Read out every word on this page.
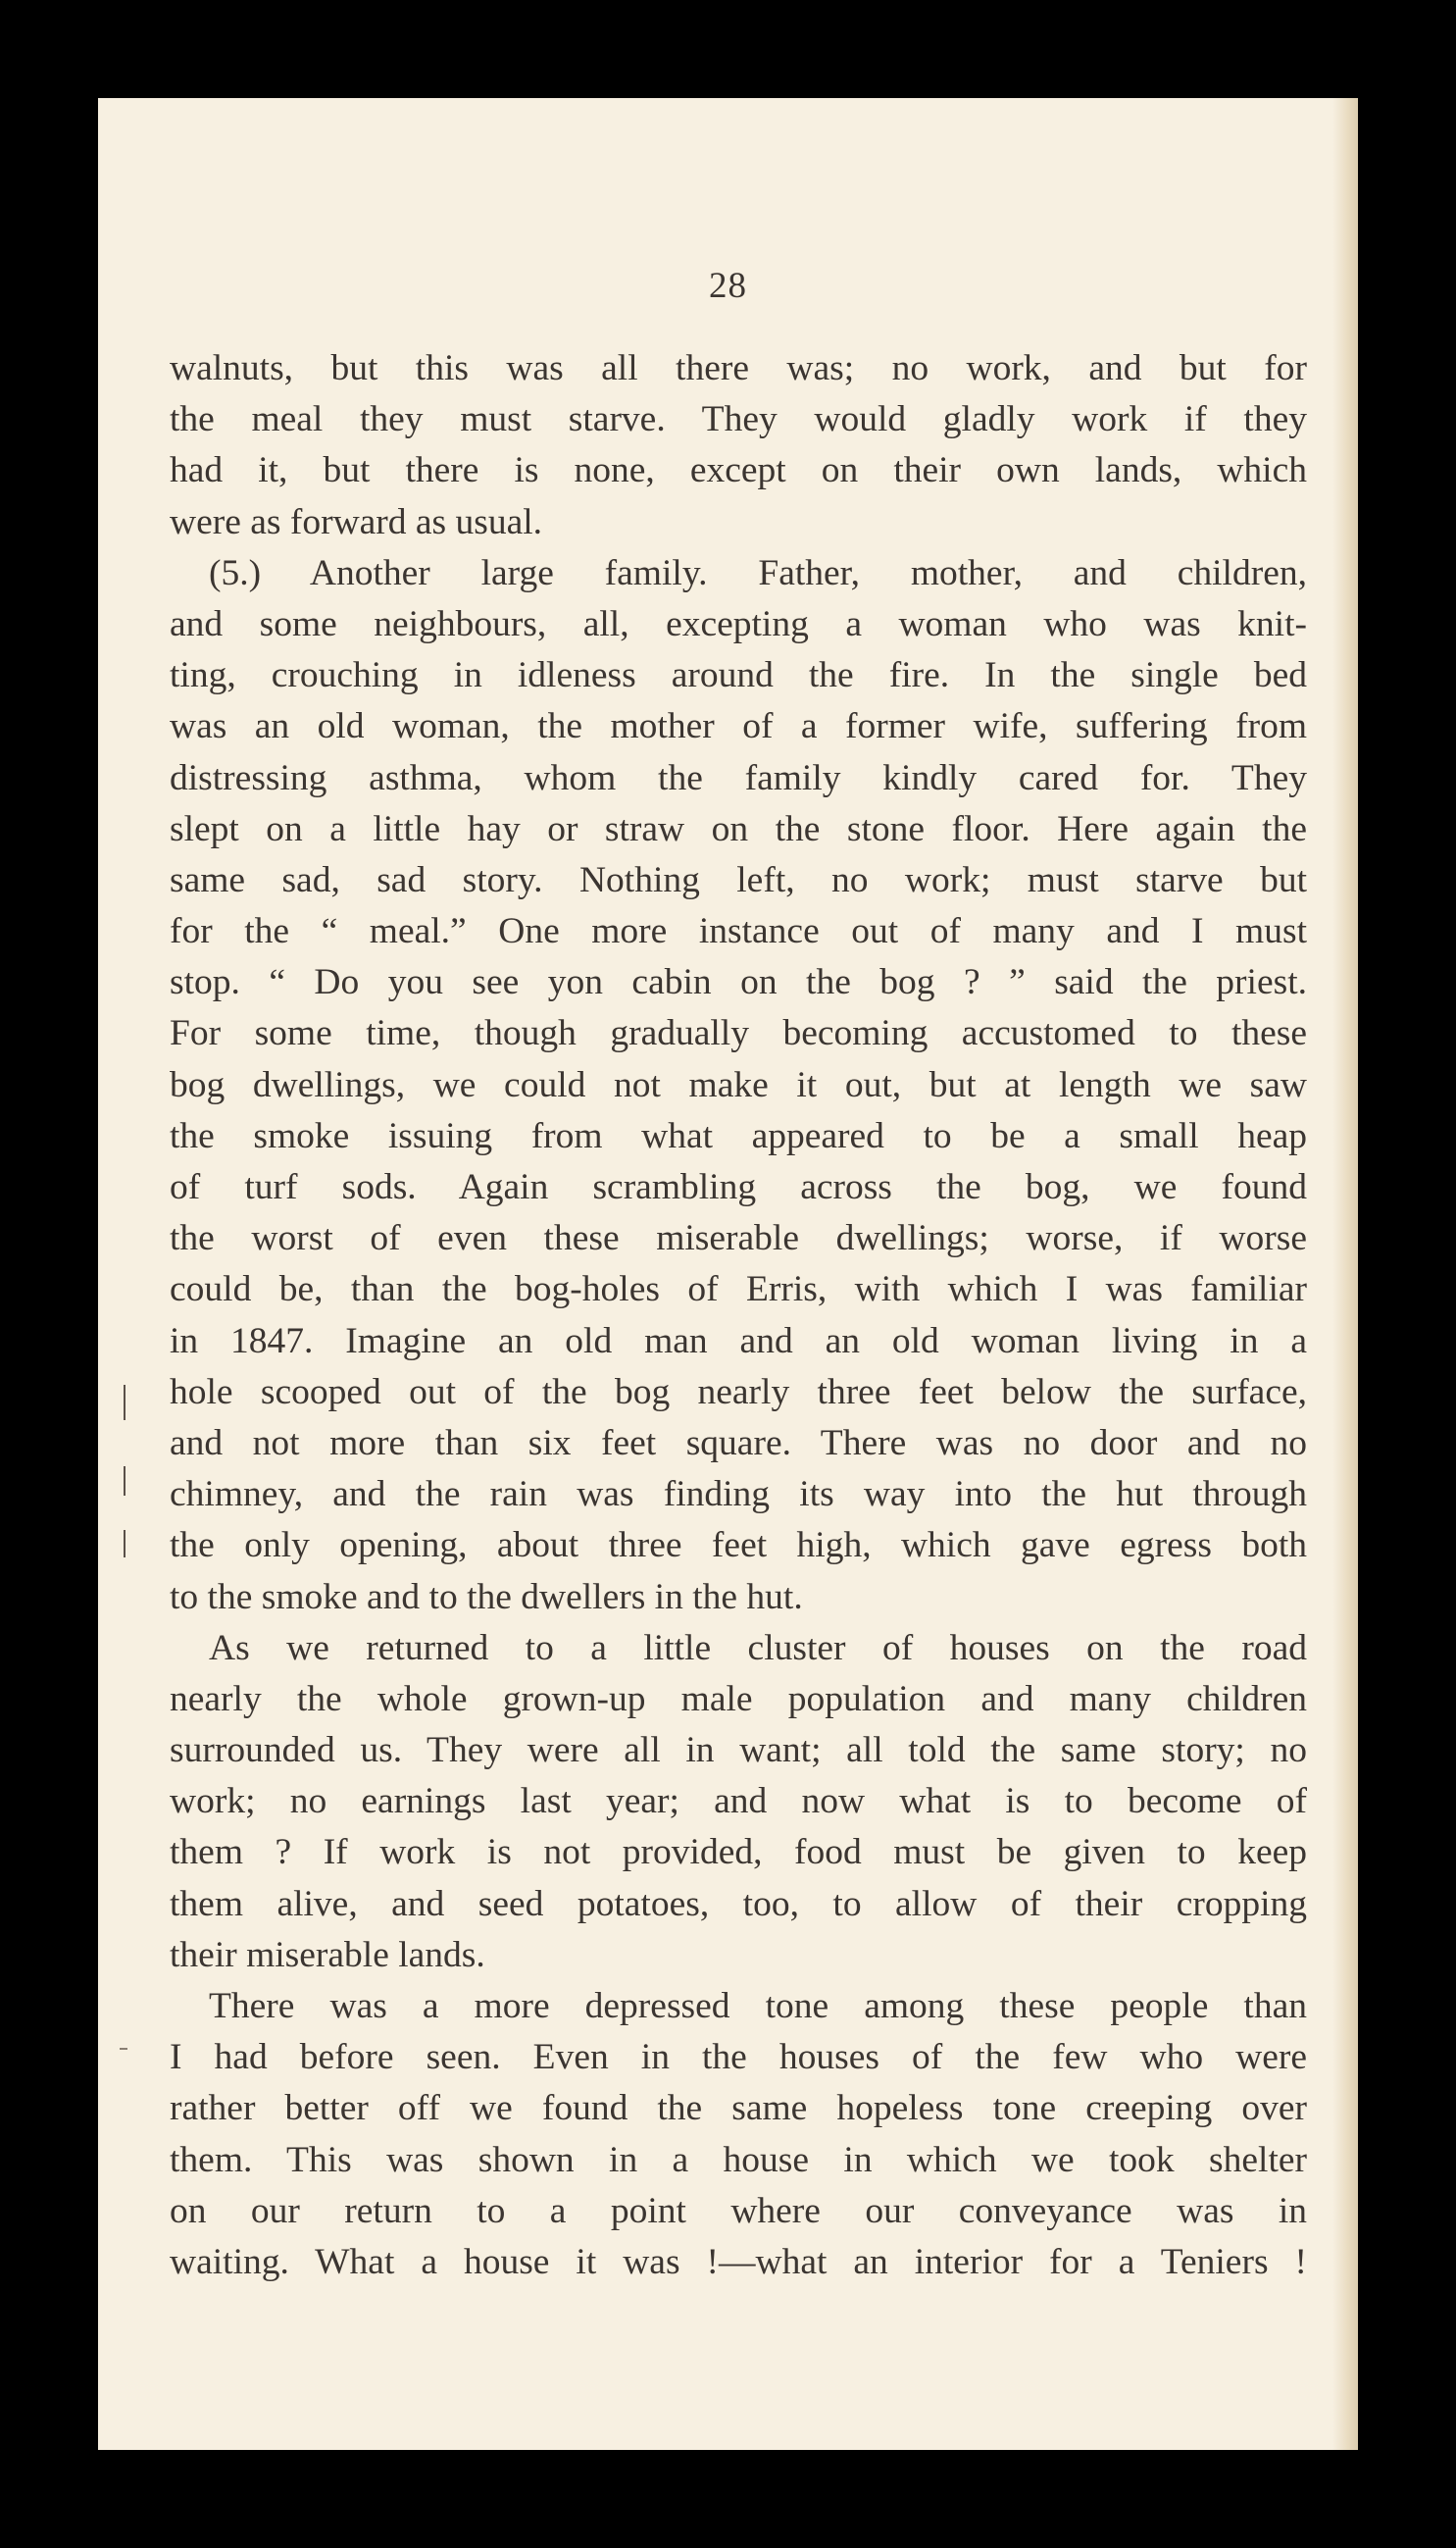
28
walnuts, but this was all there was; no work, and but for
the meal they must starve. They would gladly work if they
had it, but there is none, except on their own lands, which
were as forward as usual.
(5.) Another large family. Father, mother, and children,
and some neighbours, all, excepting a woman who was knit-
ting, crouching in idleness around the fire. In the single bed
was an old woman, the mother of a former wife, suffering from
distressing asthma, whom the family kindly cared for. They
slept on a little hay or straw on the stone floor. Here again the
same sad, sad story. Nothing left, no work; must starve but
for the “ meal.” One more instance out of many and I must
stop. “ Do you see yon cabin on the bog ? ” said the priest.
For some time, though gradually becoming accustomed to these
bog dwellings, we could not make it out, but at length we saw
the smoke issuing from what appeared to be a small heap
of turf sods. Again scrambling across the bog, we found
the worst of even these miserable dwellings; worse, if worse
could be, than the bog-holes of Erris, with which I was familiar
in 1847. Imagine an old man and an old woman living in a
hole scooped out of the bog nearly three feet below the surface,
and not more than six feet square. There was no door and no
chimney, and the rain was finding its way into the hut through
the only opening, about three feet high, which gave egress both
to the smoke and to the dwellers in the hut.
As we returned to a little cluster of houses on the road
nearly the whole grown-up male population and many children
surrounded us. They were all in want; all told the same story; no
work; no earnings last year; and now what is to become of
them ? If work is not provided, food must be given to keep
them alive, and seed potatoes, too, to allow of their cropping
their miserable lands.
There was a more depressed tone among these people than
I had before seen. Even in the houses of the few who were
rather better off we found the same hopeless tone creeping over
them. This was shown in a house in which we took shelter
on our return to a point where our conveyance was in
waiting. What a house it was !—what an interior for a Teniers !
